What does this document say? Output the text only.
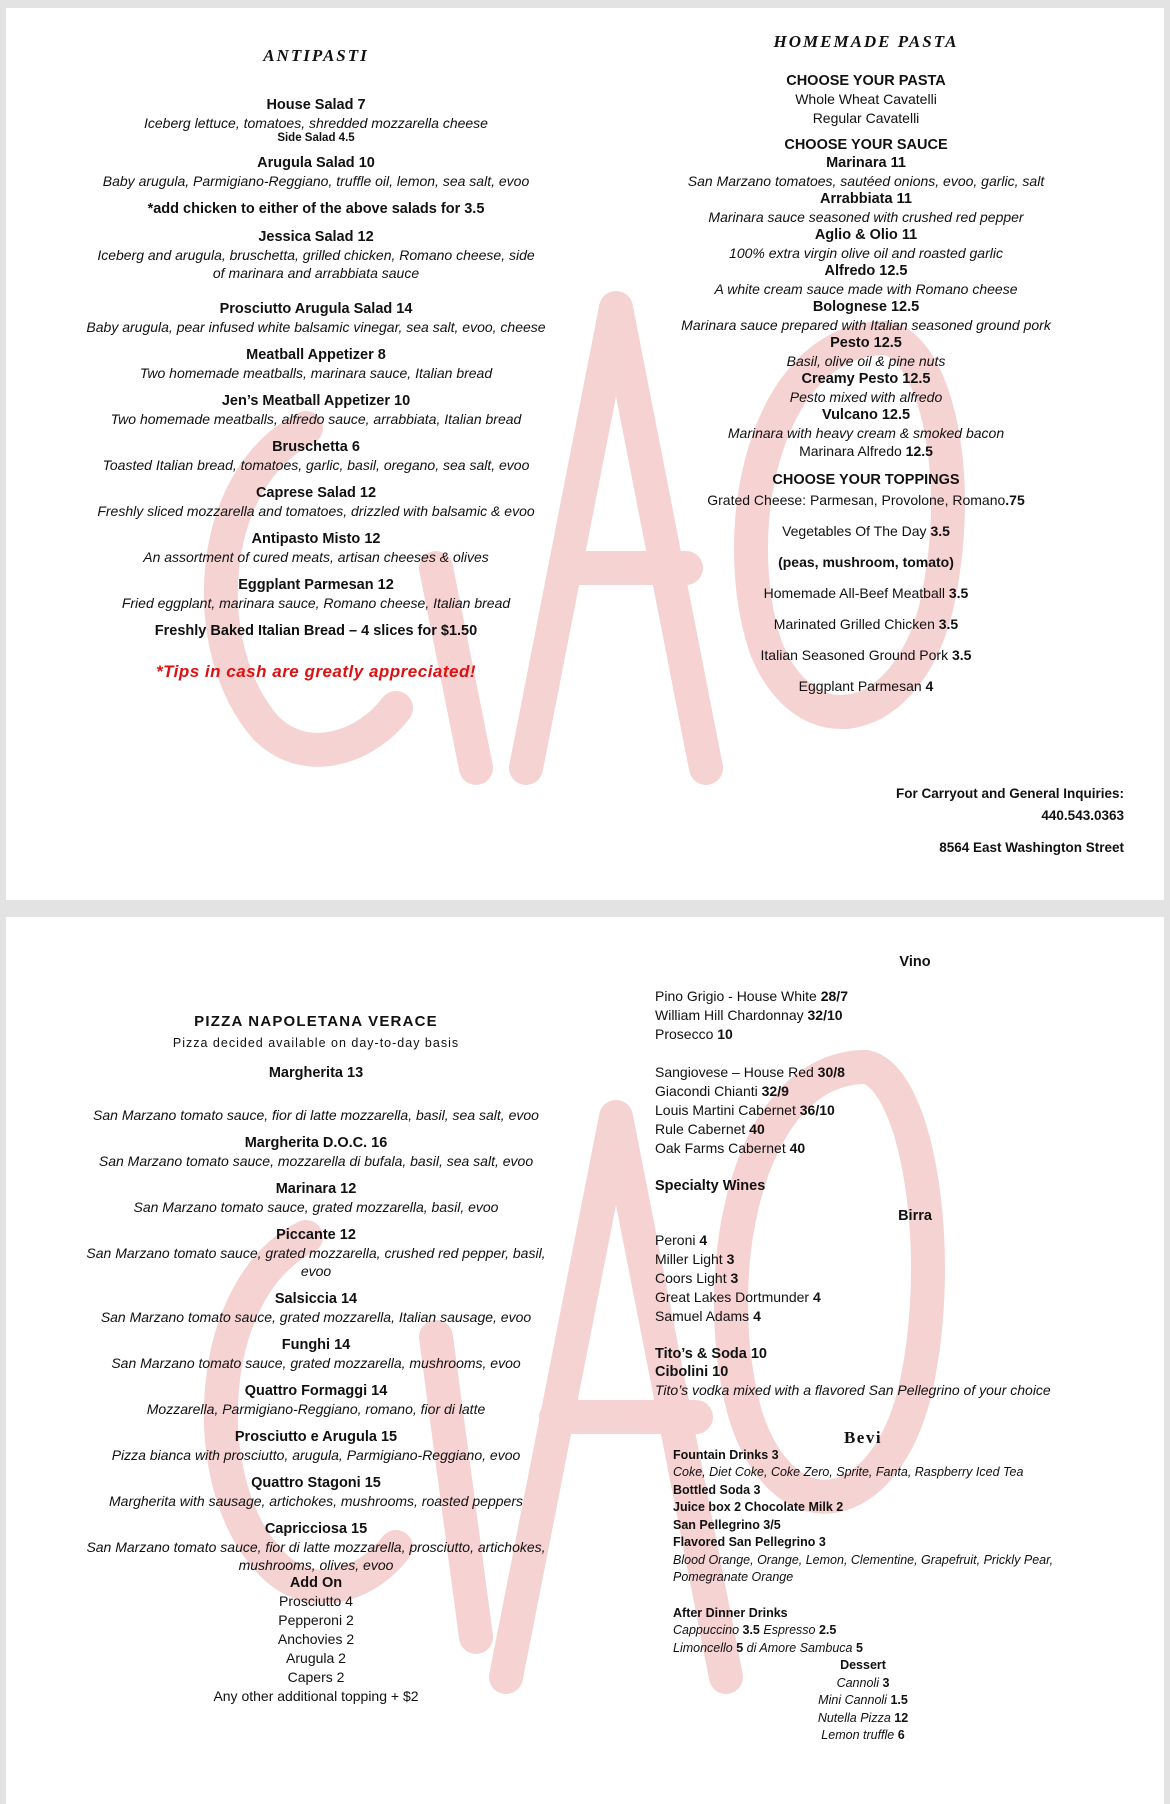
ANTIPASTI
House Salad 7
Iceberg lettuce, tomatoes, shredded mozzarella cheese
Side Salad 4.5
Arugula Salad 10
Baby arugula, Parmigiano-Reggiano, truffle oil, lemon, sea salt, evoo
*add chicken to either of the above salads for 3.5
Jessica Salad 12
Iceberg and arugula, bruschetta, grilled chicken, Romano cheese, side of marinara and arrabbiata sauce
Prosciutto Arugula Salad 14
Baby arugula, pear infused white balsamic vinegar, sea salt, evoo, cheese
Meatball Appetizer 8
Two homemade meatballs, marinara sauce, Italian bread
Jen’s Meatball Appetizer 10
Two homemade meatballs, alfredo sauce, arrabbiata, Italian bread
Bruschetta 6
Toasted Italian bread, tomatoes, garlic, basil, oregano, sea salt, evoo
Caprese Salad 12
Freshly sliced mozzarella and tomatoes, drizzled with balsamic & evoo
Antipasto Misto 12
An assortment of cured meats, artisan cheeses & olives
Eggplant Parmesan 12
Fried eggplant, marinara sauce, Romano cheese, Italian bread
Freshly Baked Italian Bread – 4 slices for $1.50
*Tips in cash are greatly appreciated!
HOMEMADE PASTA
CHOOSE YOUR PASTA
Whole Wheat Cavatelli
Regular Cavatelli
CHOOSE YOUR SAUCE
Marinara 11
San Marzano tomatoes, sautéed onions, evoo, garlic, salt
Arrabbiata 11
Marinara sauce seasoned with crushed red pepper
Aglio & Olio 11
100% extra virgin olive oil and roasted garlic
Alfredo 12.5
A white cream sauce made with Romano cheese
Bolognese 12.5
Marinara sauce prepared with Italian seasoned ground pork
Pesto 12.5
Basil, olive oil & pine nuts
Creamy Pesto 12.5
Pesto mixed with alfredo
Vulcano 12.5
Marinara with heavy cream & smoked bacon
Marinara Alfredo 12.5
CHOOSE YOUR TOPPINGS
Grated Cheese: Parmesan, Provolone, Romano.75
Vegetables Of The Day 3.5
(peas, mushroom, tomato)
Homemade All-Beef Meatball 3.5
Marinated Grilled Chicken 3.5
Italian Seasoned Ground Pork 3.5
Eggplant Parmesan 4
For Carryout and General Inquiries:
440.543.0363
8564 East Washington Street
PIZZA NAPOLETANA VERACE
Pizza decided available on day-to-day basis
Margherita 13
San Marzano tomato sauce, fior di latte mozzarella, basil, sea salt, evoo
Margherita D.O.C. 16
San Marzano tomato sauce, mozzarella di bufala, basil, sea salt, evoo
Marinara 12
San Marzano tomato sauce, grated mozzarella, basil, evoo
Piccante 12
San Marzano tomato sauce, grated mozzarella, crushed red pepper, basil, evoo
Salsiccia 14
San Marzano tomato sauce, grated mozzarella, Italian sausage, evoo
Funghi 14
San Marzano tomato sauce, grated mozzarella, mushrooms, evoo
Quattro Formaggi 14
Mozzarella, Parmigiano-Reggiano, romano, fior di latte
Prosciutto e Arugula 15
Pizza bianca with prosciutto, arugula, Parmigiano-Reggiano, evoo
Quattro Stagoni 15
Margherita with sausage, artichokes, mushrooms, roasted peppers
Capricciosa 15
San Marzano tomato sauce, fior di latte mozzarella, prosciutto, artichokes, mushrooms, olives, evoo
Add On
Prosciutto 4
Pepperoni 2
Anchovies 2
Arugula 2
Capers 2
Any other additional topping + $2
Vino
Pino Grigio - House White 28/7
William Hill Chardonnay 32/10
Prosecco 10
Sangiovese – House Red 30/8
Giacondi Chianti 32/9
Louis Martini Cabernet 36/10
Rule Cabernet 40
Oak Farms Cabernet 40
Specialty Wines
Birra
Peroni 4
Miller Light 3
Coors Light 3
Great Lakes Dortmunder 4
Samuel Adams 4
Tito’s & Soda 10
Cibolini 10
Tito’s vodka mixed with a flavored San Pellegrino of your choice
Bevi
Fountain Drinks 3
Coke, Diet Coke, Coke Zero, Sprite, Fanta, Raspberry Iced Tea
Bottled Soda 3
Juice box 2 Chocolate Milk 2
San Pellegrino 3/5
Flavored San Pellegrino 3
Blood Orange, Orange, Lemon, Clementine, Grapefruit, Prickly Pear, Pomegranate Orange
After Dinner Drinks
Cappuccino 3.5 Espresso 2.5
Limoncello 5 di Amore Sambuca 5
Dessert
Cannoli 3
Mini Cannoli 1.5
Nutella Pizza 12
Lemon truffle 6
